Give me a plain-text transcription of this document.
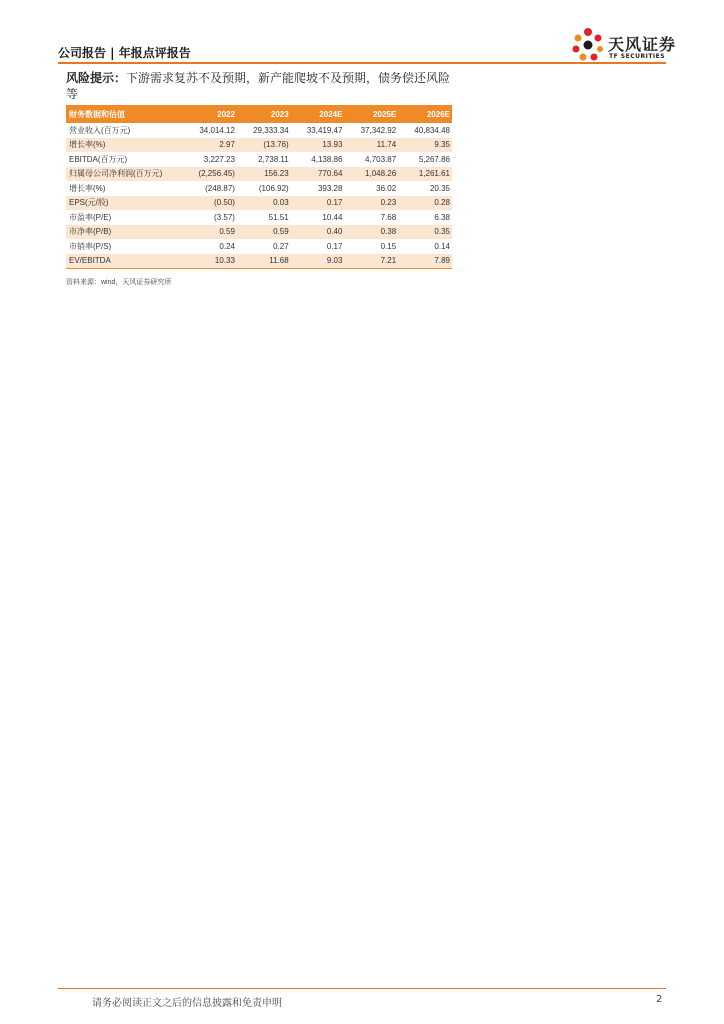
公司报告 | 年报点评报告	天风证券
TF SECURITIES
风险提示：下游需求复苏不及预期，新产能爬坡不及预期，债务偿还风险等
财务数据和估值	2022	2023	2024E	2025E	2026E
营业收入(百万元)	34,014.12	29,333.34	33,419.47	37,342.92	40,834.48
增长率(%)	2.97	(13.76)	13.93	11.74	9.35
EBITDA(百万元)	3,227.23	2,738.11	4,138.86	4,703.87	5,267.86
归属母公司净利润(百万元)	(2,256.45)	156.23	770.64	1,048.26	1,261.61
增长率(%)	(248.87)	(106.92)	393.28	36.02	20.35
EPS(元/股)	(0.50)	0.03	0.17	0.23	0.28
市盈率(P/E)	(3.57)	51.51	10.44	7.68	6.38
市净率(P/B)	0.59	0.59	0.40	0.38	0.35
市销率(P/S)	0.24	0.27	0.17	0.15	0.14
EV/EBITDA	10.33	11.68	9.03	7.21	7.89
资料来源：wind，天风证券研究所
请务必阅读正文之后的信息披露和免责申明	2
